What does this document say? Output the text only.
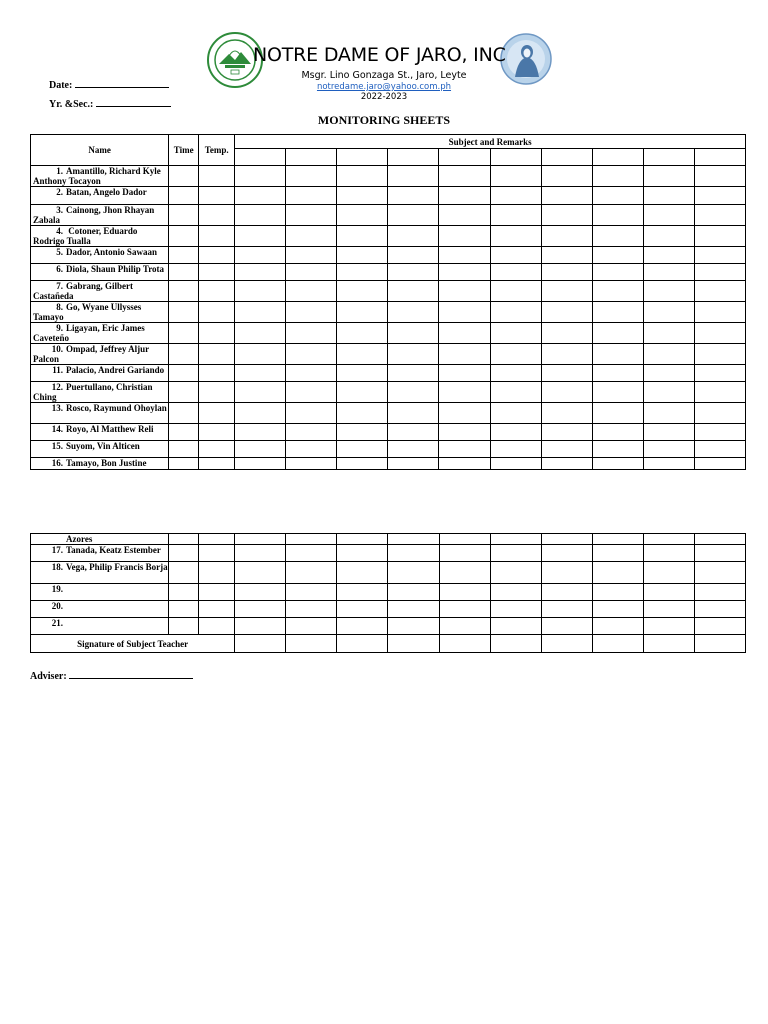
NOTRE DAME OF JARO, INC
Msgr. Lino Gonzaga St., Jaro, Leyte
notredame.jaro@yahoo.com.ph
2022-2023
Date:
Yr. &Sec.:
MONITORING SHEETS
Name	Time	Temp.	Subject and Remarks									

1. Amantillo, Richard Kyle Anthony Tocayon												
2. Batan, Angelo Dador												
3. Cainong, Jhon Rhayan Zabala												
4. Cotoner, Eduardo Rodrigo Tualla												
5. Dador, Antonio Sawaan												
6. Diola, Shaun Philip Trota												
7. Gabrang, Gilbert Castañeda												
8. Go, Wyane Ullysses Tamayo												
9. Ligayan, Eric James Caveteño												
10. Ompad, Jeffrey Aljur Palcon												
11. Palacio, Andrei Gariando												
12. Puertullano, Christian Ching												
13. Rosco, Raymund Ohoylan												
14. Royo, Al Matthew Reli												
15. Suyom, Vin Alticen												
16. Tamayo, Bon Justine												
Azores												
17. Tanada, Keatz Estember												
18. Vega, Philip Francis Borja												
19.												
20.												
21.												
Signature of Subject Teacher												
Adviser:
